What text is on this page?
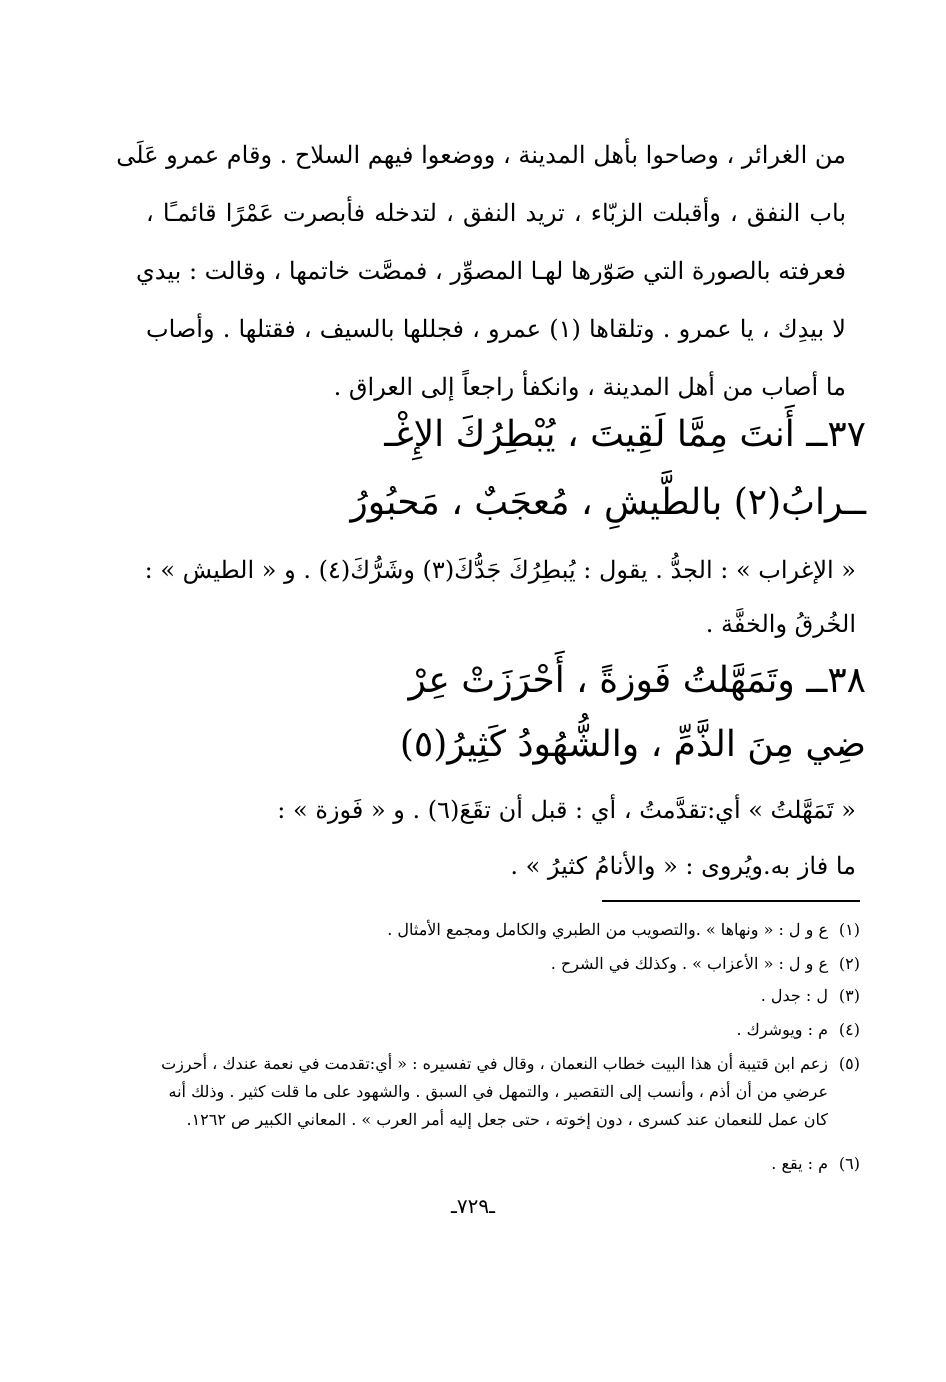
من الغرائر ، وصاحوا بأهل المدينة ، ووضعوا فيهم السلاح . وقام عمرو عَلَى
باب النفق ، وأقبلت الزبّاء ، تريد النفق ، لتدخله فأبصرت عَمْرًا قائمـًا ،
فعرفته بالصورة التي صَوّرها لهـا المصوِّر ، فمصَّت خاتمها ، وقالت : بيدي
لا بيدِك ، يا عمرو . وتلقاها (١) عمرو ، فجللها بالسيف ، فقتلها . وأصاب
ما أصاب من أهل المدينة ، وانكفأ راجعاً إلى العراق .
٣٧ــ أَنتَ مِمَّا لَقِيتَ ، يُبْطِرُكَ الإِغْـ
ــرابُ(٢) بالطَّيشِ ، مُعجَبٌ ، مَحبُورُ
« الإغراب » : الجدُّ . يقول : يُبطِرُكَ جَدُّكَ(٣) وشَرُّكَ(٤) . و « الطيش » :
الخُرقُ والخفَّة .
٣٨ــ وتَمَهَّلتُ فَوزةً ، أَحْرَزَتْ عِرْ
ضِي مِنَ الذَّمِّ ، والشُّهُودُ كَثِيرُ(٥)
« تَمَهَّلتُ » أي:تقدَّمتُ ، أي : قبل أن تقَعَ(٦) . و « فَوزة » :
ما فاز به.ويُروى : « والأنامُ كثيرُ » .
(١)ع و ل : « ونهاها » .والتصويب من الطبري والكامل ومجمع الأمثال .
(٢)ع و ل : « الأعزاب » . وكذلك في الشرح .
(٣)ل : جدل .
(٤)م : ويوشرك .
(٥)زعم ابن قتيبة أن هذا البيت خطاب النعمان ، وقال في تفسيره : « أي:تقدمت في نعمة عندك ، أحرزت
عرضي من أن أذم ، وأنسب إلى التقصير ، والتمهل في السبق . والشهود على ما قلت كثير . وذلك أنه
كان عمل للنعمان عند كسرى ، دون إخوته ، حتى جعل إليه أمر العرب » . المعاني الكبير ص ١٢٦٢.
(٦)م : يقع .
ـ٧٢٩ـ
